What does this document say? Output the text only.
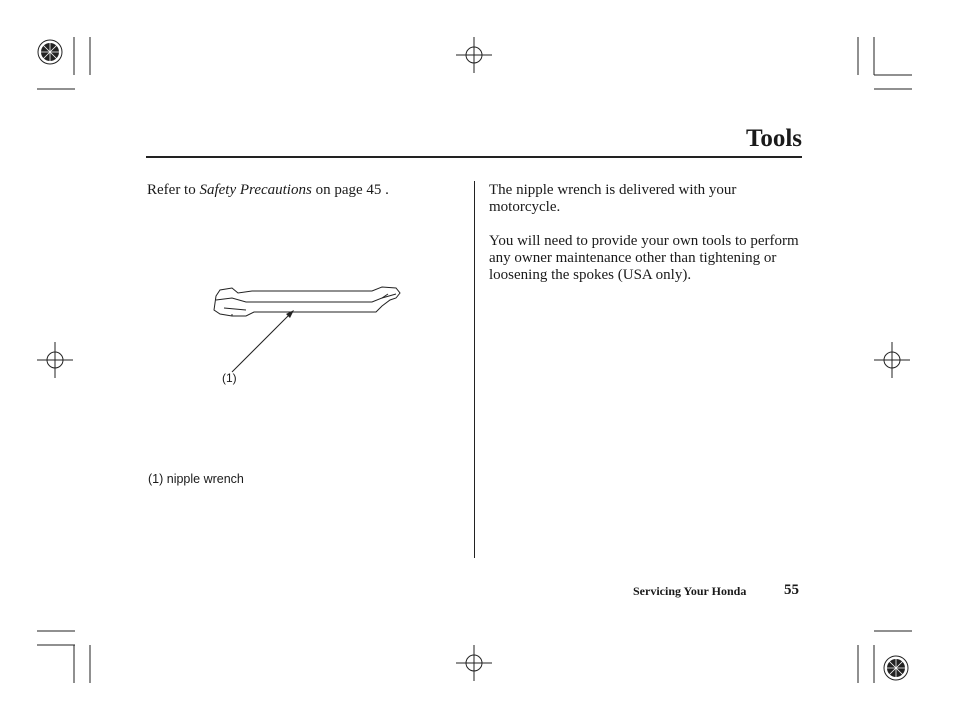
Tools
Refer to Safety Precautions on page 45 .
(1)
(1) nipple wrench
The nipple wrench is delivered with your motorcycle.
You will need to provide your own tools to perform any owner maintenance other than tightening or loosening the spokes (USA only).
Servicing Your Honda	55
